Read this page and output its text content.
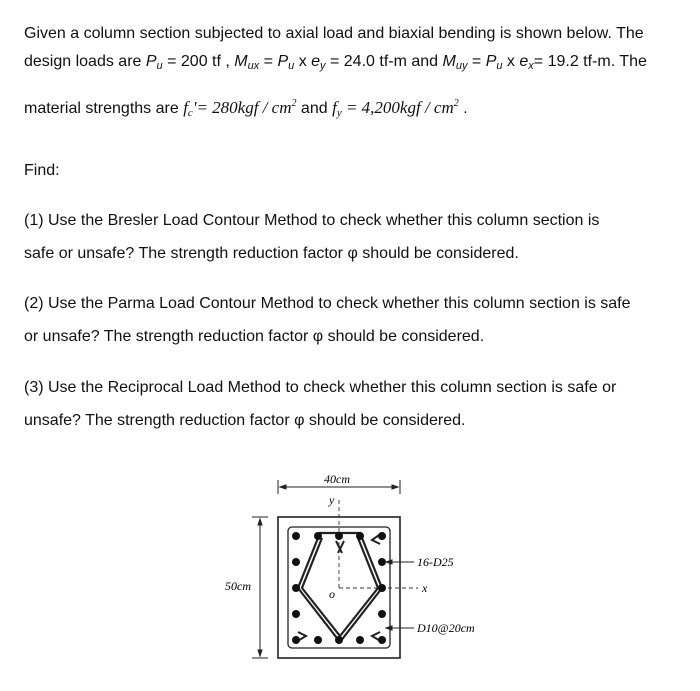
Given a column section subjected to axial load and biaxial bending is shown below. The

design loads are $P_u = 200$ tf , $M_{ux} = P_u$ x $e_y = 24.0$ tf-m and $M_{uy} = P_u$ x $e_x= 19.2$ tf-m. The

material strengths are $f_c'= 280kgf / cm^2$ and $f_y = 4,200kgf / cm^2$ .

Find:

(1) Use the Bresler Load Contour Method to check whether this column section is

safe or unsafe? The strength reduction factor φ should be considered.

(2) Use the Parma Load Contour Method to check whether this column section is safe

or unsafe? The strength reduction factor φ should be considered.

(3) Use the Reciprocal Load Method to check whether this column section is safe or

unsafe? The strength reduction factor φ should be considered.

40cm
50cm
y
x
o
16-D25
D10@20cm
